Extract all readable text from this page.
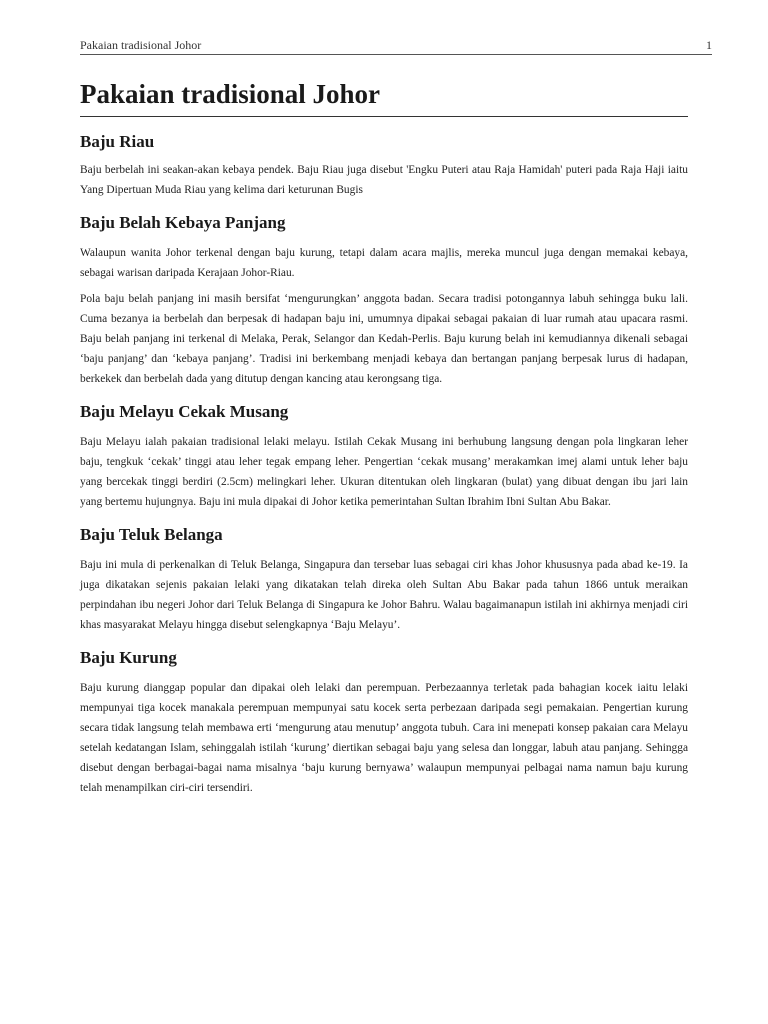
Pakaian tradisional Johor	1
Pakaian tradisional Johor
Baju Riau

Baju berbelah ini seakan-akan kebaya pendek. Baju Riau juga disebut 'Engku Puteri atau Raja Hamidah' puteri pada Raja Haji iaitu Yang Dipertuan Muda Riau yang kelima dari keturunan Bugis

Baju Belah Kebaya Panjang

Walaupun wanita Johor terkenal dengan baju kurung, tetapi dalam acara majlis, mereka muncul juga dengan memakai kebaya, sebagai warisan daripada Kerajaan Johor-Riau.

Pola baju belah panjang ini masih bersifat ‘mengurungkan’ anggota badan. Secara tradisi potongannya labuh sehingga buku lali. Cuma bezanya ia berbelah dan berpesak di hadapan baju ini, umumnya dipakai sebagai pakaian di luar rumah atau upacara rasmi. Baju belah panjang ini terkenal di Melaka, Perak, Selangor dan Kedah-Perlis. Baju kurung belah ini kemudiannya dikenali sebagai ‘baju panjang’ dan ‘kebaya panjang’. Tradisi ini berkembang menjadi kebaya dan bertangan panjang berpesak lurus di hadapan, berkekek dan berbelah dada yang ditutup dengan kancing atau kerongsang tiga.

Baju Melayu Cekak Musang

Baju Melayu ialah pakaian tradisional lelaki melayu. Istilah Cekak Musang ini berhubung langsung dengan pola lingkaran leher baju, tengkuk ‘cekak’ tinggi atau leher tegak empang leher. Pengertian ‘cekak musang’ merakamkan imej alami untuk leher baju yang bercekak tinggi berdiri (2.5cm) melingkari leher. Ukuran ditentukan oleh lingkaran (bulat) yang dibuat dengan ibu jari lain yang bertemu hujungnya. Baju ini mula dipakai di Johor ketika pemerintahan Sultan Ibrahim Ibni Sultan Abu Bakar.

Baju Teluk Belanga

Baju ini mula di perkenalkan di Teluk Belanga, Singapura dan tersebar luas sebagai ciri khas Johor khususnya pada abad ke-19. Ia juga dikatakan sejenis pakaian lelaki yang dikatakan telah direka oleh Sultan Abu Bakar pada tahun 1866 untuk meraikan perpindahan ibu negeri Johor dari Teluk Belanga di Singapura ke Johor Bahru. Walau bagaimanapun istilah ini akhirnya menjadi ciri khas masyarakat Melayu hingga disebut selengkapnya ‘Baju Melayu’.

Baju Kurung

Baju kurung dianggap popular dan dipakai oleh lelaki dan perempuan. Perbezaannya terletak pada bahagian kocek iaitu lelaki mempunyai tiga kocek manakala perempuan mempunyai satu kocek serta perbezaan daripada segi pemakaian. Pengertian kurung secara tidak langsung telah membawa erti ‘mengurung atau menutup’ anggota tubuh. Cara ini menepati konsep pakaian cara Melayu setelah kedatangan Islam, sehinggalah istilah ‘kurung’ diertikan sebagai baju yang selesa dan longgar, labuh atau panjang. Sehingga disebut dengan berbagai-bagai nama misalnya ‘baju kurung bernyawa’ walaupun mempunyai pelbagai nama namun baju kurung telah menampilkan ciri-ciri tersendiri.
